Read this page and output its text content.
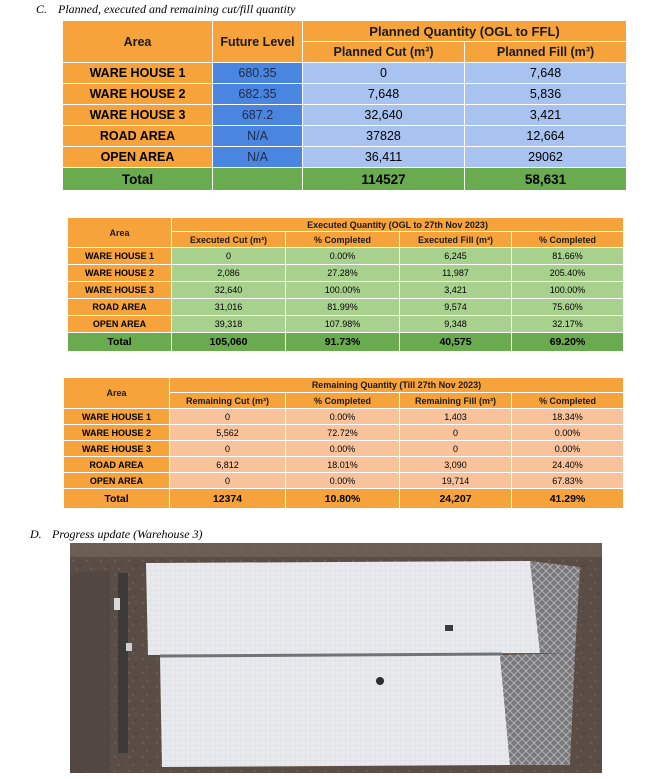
C. Planned, executed and remaining cut/fill quantity
Area	Future Level	Planned Quantity (OGL to FFL)	
		Planned Cut (m³)	Planned Fill (m³)
WARE HOUSE 1	680.35	0	7,648
WARE HOUSE 2	682.35	7,648	5,836
WARE HOUSE 3	687.2	32,640	3,421
ROAD AREA	N/A	37828	12,664
OPEN AREA	N/A	36,411	29062
Total		114527	58,631
Area	Executed Quantity (OGL to 27th Nov 2023)			
	Executed Cut (m³)	% Completed	Executed Fill (m³)	% Completed
WARE HOUSE 1	0	0.00%	6,245	81.66%
WARE HOUSE 2	2,086	27.28%	11,987	205.40%
WARE HOUSE 3	32,640	100.00%	3,421	100.00%
ROAD AREA	31,016	81.99%	9,574	75.60%
OPEN AREA	39,318	107.98%	9,348	32.17%
Total	105,060	91.73%	40,575	69.20%
Area	Remaining Quantity (Till 27th Nov 2023)			
	Remaining Cut (m³)	% Completed	Remaining Fill (m³)	% Completed
WARE HOUSE 1	0	0.00%	1,403	18.34%
WARE HOUSE 2	5,562	72.72%	0	0.00%
WARE HOUSE 3	0	0.00%	0	0.00%
ROAD AREA	6,812	18.01%	3,090	24.40%
OPEN AREA	0	0.00%	19,714	67.83%
Total	12374	10.80%	24,207	41.29%
D. Progress update (Warehouse 3)
